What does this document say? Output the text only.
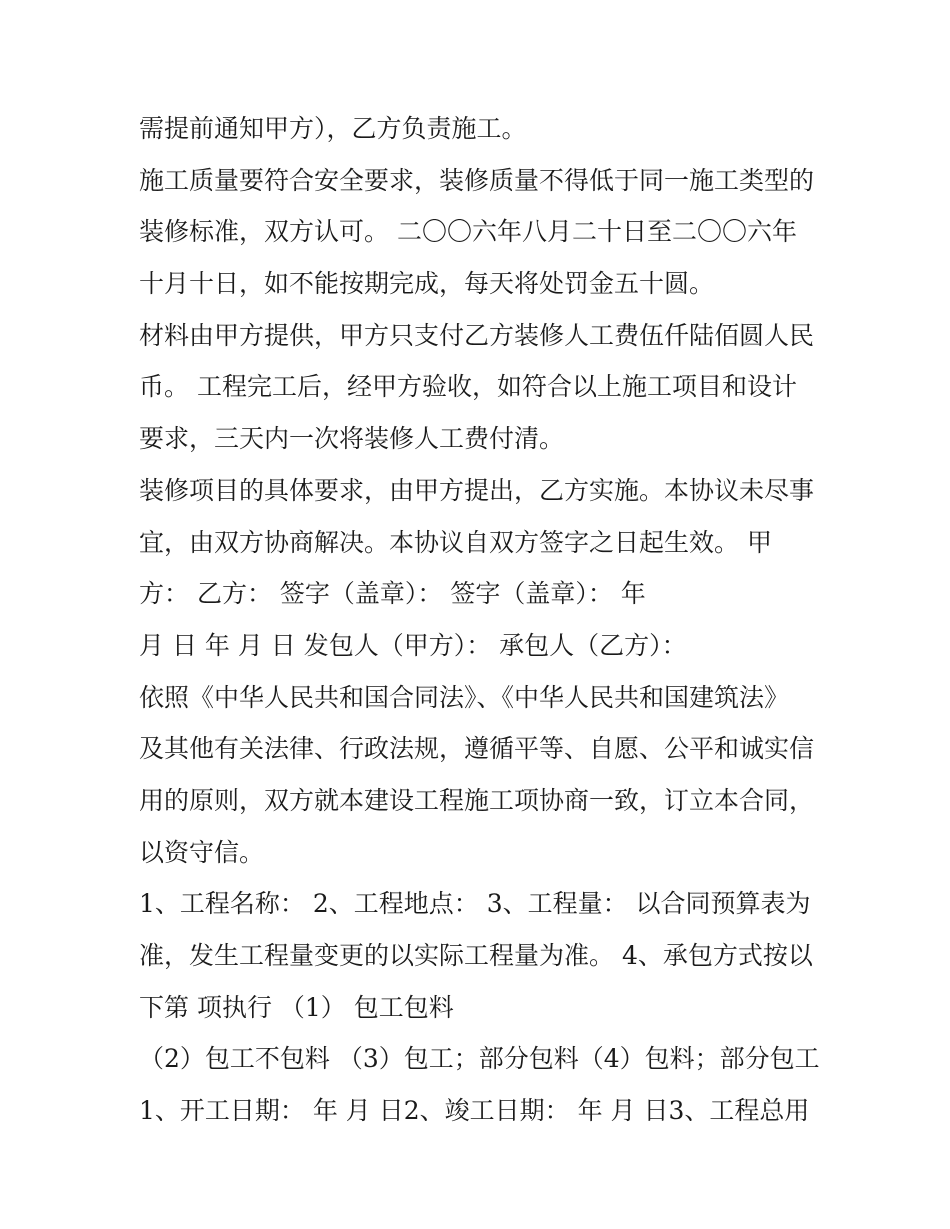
需提前通知甲方），乙方负责施工。
施工质量要符合安全要求，装修质量不得低于同一施工类型的
装修标准，双方认可。 二〇〇六年八月二十日至二〇〇六年
十月十日，如不能按期完成，每天将处罚金五十圆。
材料由甲方提供，甲方只支付乙方装修人工费伍仟陆佰圆人民
币。 工程完工后，经甲方验收，如符合以上施工项目和设计
要求，三天内一次将装修人工费付清。
装修项目的具体要求，由甲方提出，乙方实施。本协议未尽事
宜，由双方协商解决。本协议自双方签字之日起生效。 甲
方： 乙方： 签字（盖章）： 签字（盖章）： 年
月 日 年 月 日 发包人（甲方）： 承包人（乙方）：
依照《中华人民共和国合同法》、《中华人民共和国建筑法》
及其他有关法律、行政法规，遵循平等、自愿、公平和诚实信
用的原则，双方就本建设工程施工项协商一致，订立本合同，
以资守信。
1、工程名称： 2、工程地点： 3、工程量： 以合同预算表为
准，发生工程量变更的以实际工程量为准。 4、承包方式按以
下第 项执行 （1） 包工包料
（2）包工不包料 （3）包工；部分包料（4）包料；部分包工
1、开工日期： 年 月 日2、竣工日期： 年 月 日3、工程总用
